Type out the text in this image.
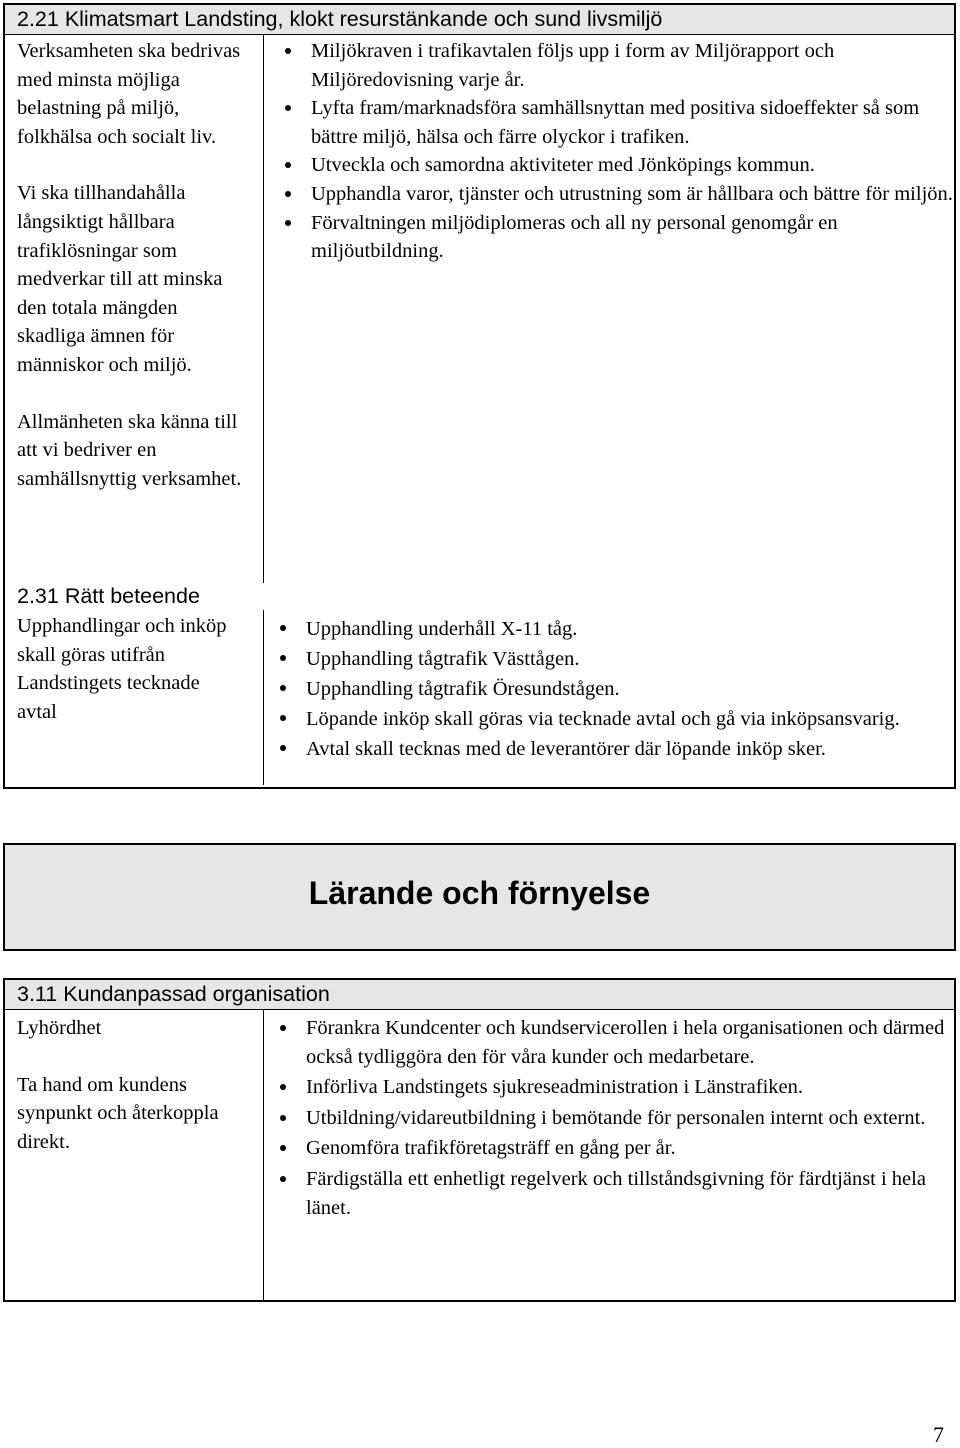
2.21 Klimatsmart Landsting, klokt resurstänkande och sund livsmiljö

Verksamheten ska bedrivas med minsta möjliga belastning på miljö, folkhälsa och socialt liv.

Vi ska tillhandahålla långsiktigt hållbara trafiklösningar som medverkar till att minska den totala mängden skadliga ämnen för människor och miljö.

Allmänheten ska känna till att vi bedriver en samhällsnyttig verksamhet.

Miljökraven i trafikavtalen följs upp i form av Miljörapport och Miljöredovisning varje år.
Lyfta fram/marknadsföra samhällsnyttan med positiva sidoeffekter så som bättre miljö, hälsa och färre olyckor i trafiken.
Utveckla och samordna aktiviteter med Jönköpings kommun.
Upphandla varor, tjänster och utrustning som är hållbara och bättre för miljön.
Förvaltningen miljödiplomeras och all ny personal genomgår en miljöutbildning.
2.31 Rätt beteende

Upphandlingar och inköp skall göras utifrån Landstingets tecknade avtal

Upphandling underhåll X-11 tåg.
Upphandling tågtrafik Västtågen.
Upphandling tågtrafik Öresundstågen.
Löpande inköp skall göras via tecknade avtal och gå via inköpsansvarig.
Avtal skall tecknas med de leverantörer där löpande inköp sker.
Lärande och förnyelse
3.11 Kundanpassad organisation

Lyhördhet

Ta hand om kundens synpunkt och återkoppla direkt.

Förankra Kundcenter och kundservicerollen i hela organisationen och därmed också tydliggöra den för våra kunder och medarbetare.
Införliva Landstingets sjukreseadministration i Länstrafiken.
Utbildning/vidareutbildning i bemötande för personalen internt och externt.
Genomföra trafikföretagsträff en gång per år.
Färdigställa ett enhetligt regelverk och tillståndsgivning för färdtjänst i hela länet.
7
